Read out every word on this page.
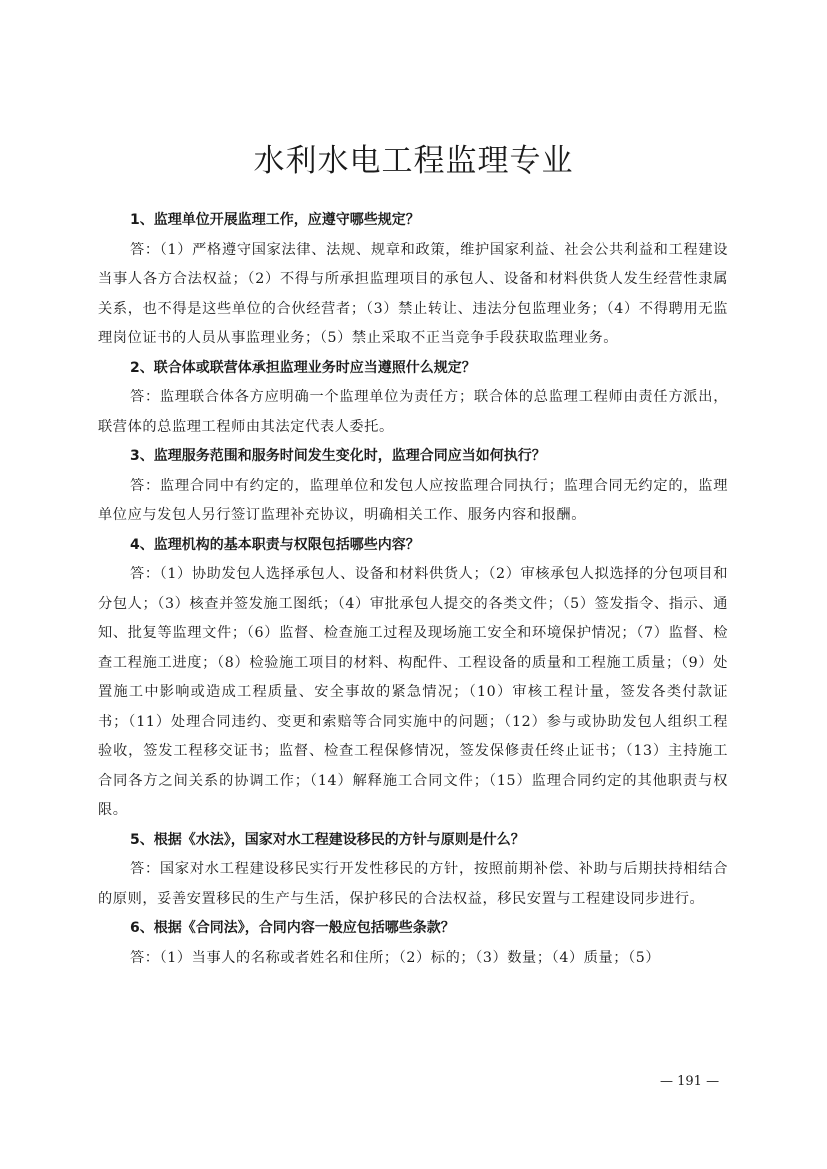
水利水电工程监理专业

1、监理单位开展监理工作，应遵守哪些规定？

答：（1）严格遵守国家法律、法规、规章和政策，维护国家利益、社会公共利益和工程建设当事人各方合法权益；（2）不得与所承担监理项目的承包人、设备和材料供货人发生经营性隶属关系，也不得是这些单位的合伙经营者；（3）禁止转让、违法分包监理业务；（4）不得聘用无监理岗位证书的人员从事监理业务；（5）禁止采取不正当竞争手段获取监理业务。

2、联合体或联营体承担监理业务时应当遵照什么规定？

答：监理联合体各方应明确一个监理单位为责任方；联合体的总监理工程师由责任方派出，联营体的总监理工程师由其法定代表人委托。

3、监理服务范围和服务时间发生变化时，监理合同应当如何执行？

答：监理合同中有约定的，监理单位和发包人应按监理合同执行；监理合同无约定的，监理单位应与发包人另行签订监理补充协议，明确相关工作、服务内容和报酬。

4、监理机构的基本职责与权限包括哪些内容？

答：（1）协助发包人选择承包人、设备和材料供货人；（2）审核承包人拟选择的分包项目和分包人；（3）核查并签发施工图纸；（4）审批承包人提交的各类文件；（5）签发指令、指示、通知、批复等监理文件；（6）监督、检查施工过程及现场施工安全和环境保护情况；（7）监督、检查工程施工进度；（8）检验施工项目的材料、构配件、工程设备的质量和工程施工质量；（9）处置施工中影响或造成工程质量、安全事故的紧急情况；（10）审核工程计量，签发各类付款证书；（11）处理合同违约、变更和索赔等合同实施中的问题；（12）参与或协助发包人组织工程验收，签发工程移交证书；监督、检查工程保修情况，签发保修责任终止证书；（13）主持施工合同各方之间关系的协调工作；（14）解释施工合同文件；（15）监理合同约定的其他职责与权限。

5、根据《水法》，国家对水工程建设移民的方针与原则是什么？

答：国家对水工程建设移民实行开发性移民的方针，按照前期补偿、补助与后期扶持相结合的原则，妥善安置移民的生产与生活，保护移民的合法权益，移民安置与工程建设同步进行。

6、根据《合同法》，合同内容一般应包括哪些条款？

答：（1）当事人的名称或者姓名和住所；（2）标的；（3）数量；（4）质量；（5）

— 191 —
